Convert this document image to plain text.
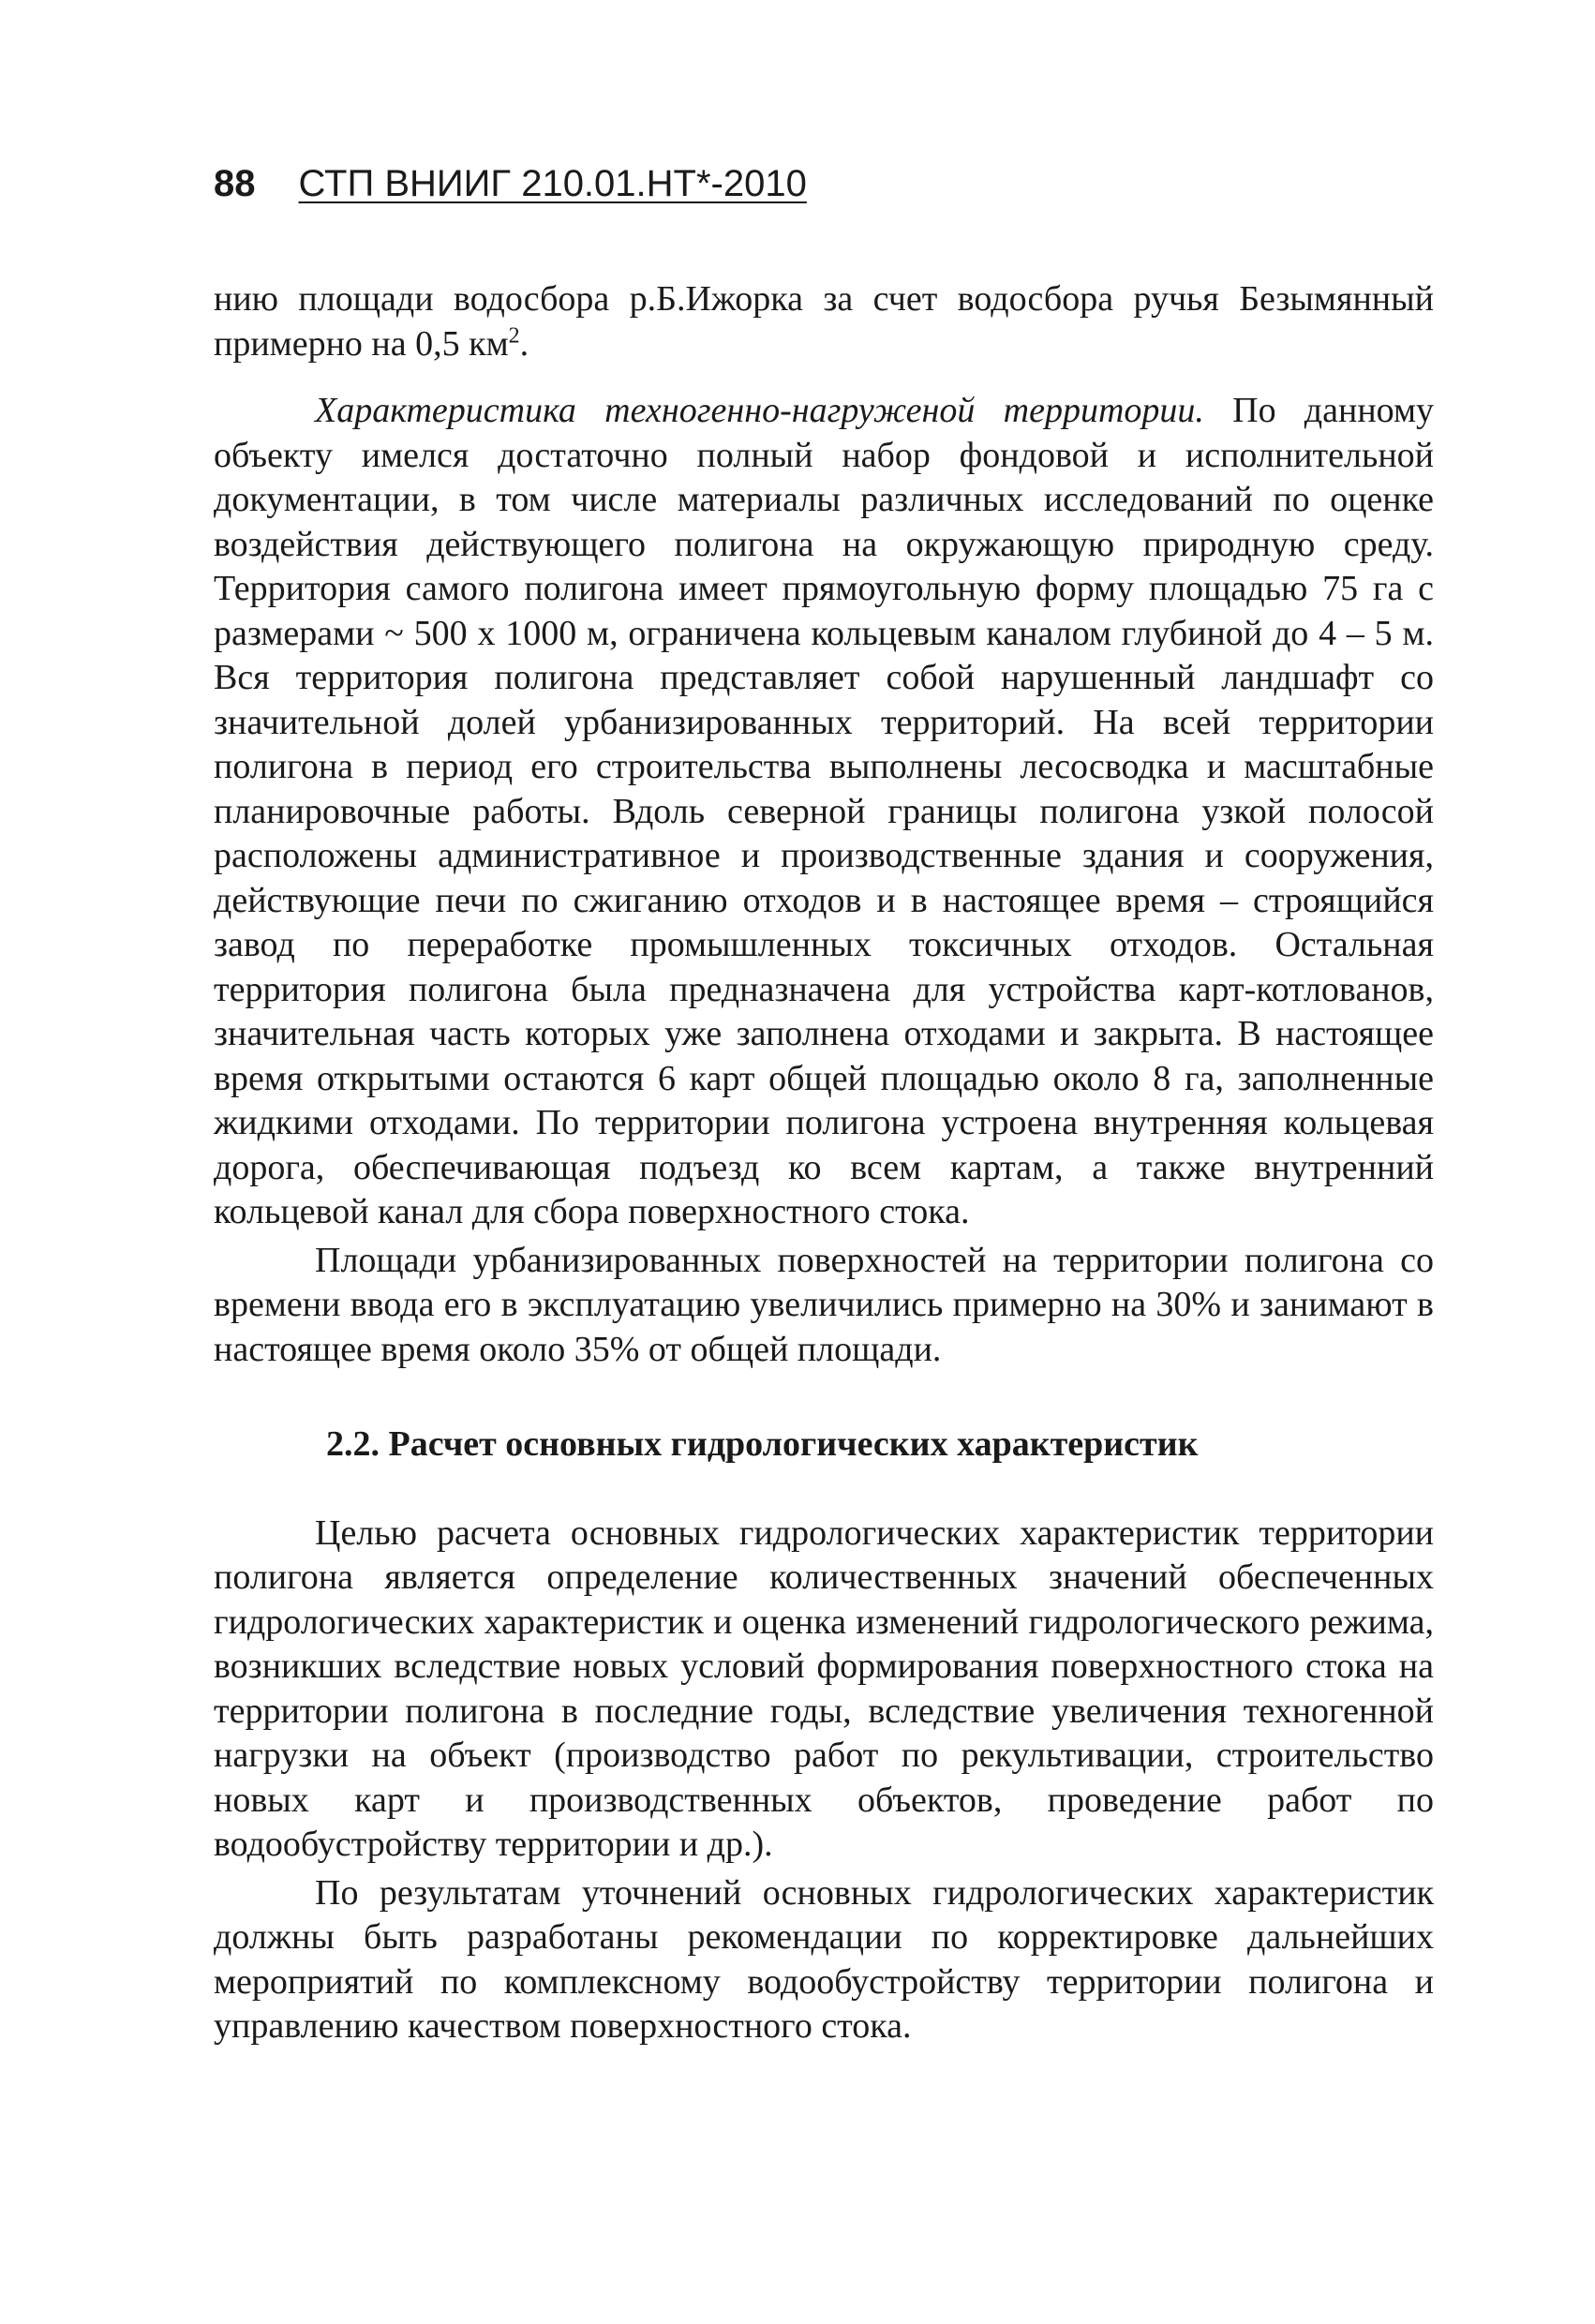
88 СТП ВНИИГ 210.01.НТ*-2010

нию площади водосбора р.Б.Ижорка за счет водосбора ручья Безымянный примерно на 0,5 $км^2$.

Характеристика техногенно-нагруженой территории. По данному объекту имелся достаточно полный набор фондовой и исполнительной документации, в том числе материалы различных исследований по оценке воздействия действующего полигона на окружающую природную среду. Территория самого полигона имеет прямоугольную форму площадью 75 га с размерами ~ 500 х 1000 м, ограничена кольцевым каналом глубиной до 4 – 5 м. Вся территория полигона представляет собой нарушенный ландшафт со значительной долей урбанизированных территорий. На всей территории полигона в период его строительства выполнены лесосводка и масштабные планировочные работы. Вдоль северной границы полигона узкой полосой расположены административное и производственные здания и сооружения, действующие печи по сжиганию отходов и в настоящее время – строящийся завод по переработке промышленных токсичных отходов. Остальная территория полигона была предназначена для устройства карт-котлованов, значительная часть которых уже заполнена отходами и закрыта. В настоящее время открытыми остаются 6 карт общей площадью около 8 га, заполненные жидкими отходами. По территории полигона устроена внутренняя кольцевая дорога, обеспечивающая подъезд ко всем картам, а также внутренний кольцевой канал для сбора поверхностного стока.

Площади урбанизированных поверхностей на территории полигона со времени ввода его в эксплуатацию увеличились примерно на 30% и занимают в настоящее время около 35% от общей площади.

2.2. Расчет основных гидрологических характеристик

Целью расчета основных гидрологических характеристик территории полигона является определение количественных значений обеспеченных гидрологических характеристик и оценка изменений гидрологического режима, возникших вследствие новых условий формирования поверхностного стока на территории полигона в последние годы, вследствие увеличения техногенной нагрузки на объект (производство работ по рекультивации, строительство новых карт и производственных объектов, проведение работ по водообустройству территории и др.).

По результатам уточнений основных гидрологических характеристик должны быть разработаны рекомендации по корректировке дальнейших мероприятий по комплексному водообустройству территории полигона и управлению качеством поверхностного стока.
